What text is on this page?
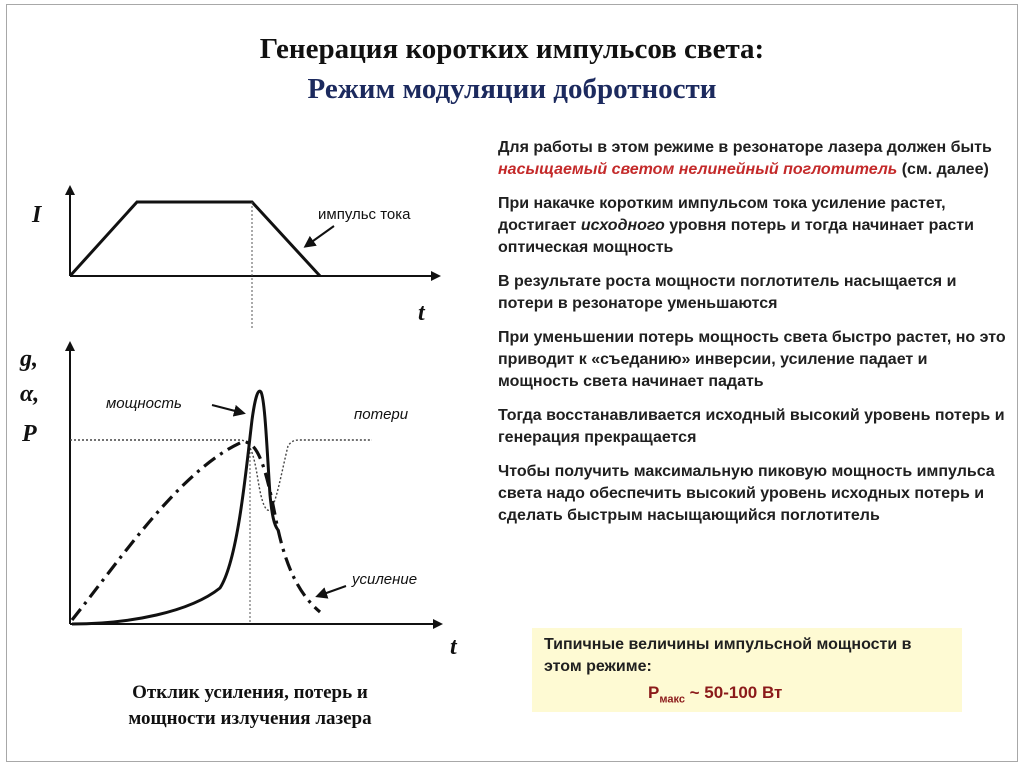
Генерация коротких импульсов света:
Режим модуляции добротности
I
t
импульс тока
g,
α,
P
t
мощность
потери
усиление

Для работы в этом режиме в резонаторе лазера должен быть насыщаемый светом нелинейный поглотитель (см. далее)

При накачке коротким импульсом тока усиление растет, достигает исходного уровня потерь и тогда начинает расти оптическая мощность

В результате роста мощности поглотитель насыщается и потери в резонаторе уменьшаются

При уменьшении потерь мощность света быстро растет, но это приводит к «съеданию» инверсии, усиление падает и мощность света начинает падать

Тогда восстанавливается исходный высокий уровень потерь и генерация прекращается

Чтобы получить максимальную пиковую мощность импульса света надо обеспечить высокий уровень исходных потерь и сделать быстрым насыщающийся поглотитель

Типичные величины импульсной мощности в этом режиме:
$P_{макс}$ ~ 50-100 Вт
Отклик усиления, потерь и
мощности излучения лазера
